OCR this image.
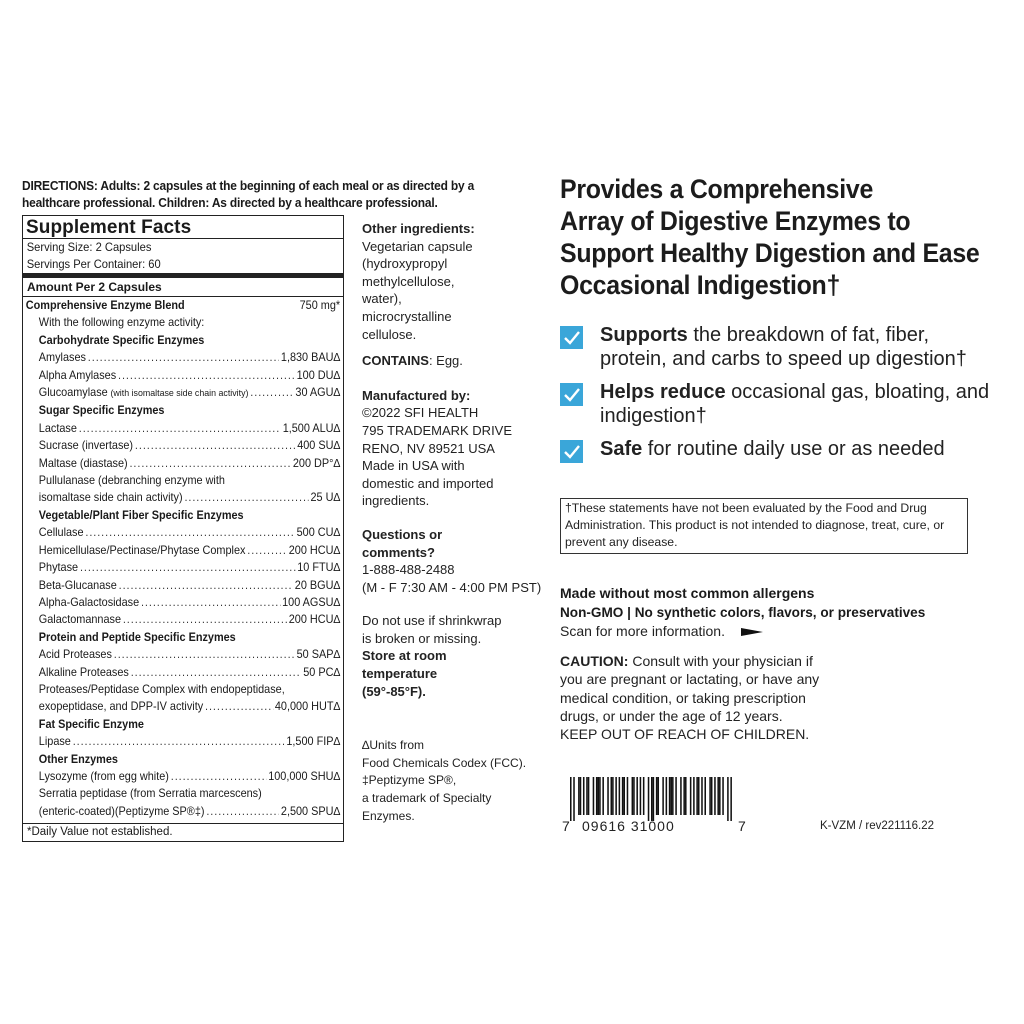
DIRECTIONS: Adults: 2 capsules at the beginning of each meal or as directed by a
healthcare professional. Children: As directed by a healthcare professional.
Supplement Facts
Serving Size: 2 Capsules
Servings Per Container: 60
Amount Per 2 Capsules
Comprehensive Enzyme Blend	750 mg*
With the following enzyme activity:
Carbohydrate Specific Enzymes
Amylases .....	1,830 BAU∆
Alpha Amylases .....	100 DU∆
Glucoamylase (with isomaltase side chain activity) .....	30 AGU∆
Sugar Specific Enzymes
Lactase .....	1,500 ALU∆
Sucrase (invertase) .....	400 SU∆
Maltase (diastase) .....	200 DP°∆
Pullulanase (debranching enzyme with
isomaltase side chain activity) .....	25 U∆
Vegetable/Plant Fiber Specific Enzymes
Cellulase .....	500 CU∆
Hemicellulase/Pectinase/Phytase Complex .....	200 HCU∆
Phytase .....	10 FTU∆
Beta-Glucanase .....	20 BGU∆
Alpha-Galactosidase .....	100 AGSU∆
Galactomannase .....	200 HCU∆
Protein and Peptide Specific Enzymes
Acid Proteases .....	50 SAP∆
Alkaline Proteases .....	50 PC∆
Proteases/Peptidase Complex with endopeptidase,
exopeptidase, and DPP-IV activity .....	40,000 HUT∆
Fat Specific Enzyme
Lipase .....	1,500 FIP∆
Other Enzymes
Lysozyme (from egg white) .....	100,000 SHU∆
Serratia peptidase (from Serratia marcescens)
(enteric-coated)(Peptizyme SP®‡) .....	2,500 SPU∆
*Daily Value not established.

Other ingredients:

Vegetarian capsule
(hydroxypropyl
methylcellulose,
water),
microcrystalline
cellulose.

CONTAINS: Egg.

Manufactured by:

©2022 SFI HEALTH
795 TRADEMARK DRIVE
RENO, NV 89521 USA
Made in USA with
domestic and imported
ingredients.
Questions or
comments?

1-888-488-2488

(M - F 7:30 AM - 4:00 PM PST)

Do not use if shrinkwrap
is broken or missing.
Store at room
temperature
(59°-85°F).
∆Units from
Food Chemicals Codex (FCC).
‡Peptizyme SP®,
a trademark of Specialty
Enzymes.
Provides a Comprehensive
Array of Digestive Enzymes to
Support Healthy Digestion and Ease
Occasional Indigestion†
Supports the breakdown of fat, fiber, protein, and carbs to speed up digestion†
Helps reduce occasional gas, bloating, and indigestion†
Safe for routine daily use or as needed
†These statements have not been evaluated by the Food and Drug Administration. This product is not intended to diagnose, treat, cure, or prevent any disease.
Made without most common allergens
Non-GMO | No synthetic colors, flavors, or preservatives
Scan for more information.
CAUTION: Consult with your physician if you are pregnant or lactating, or have any medical condition, or taking prescription drugs, or under the age of 12 years.
KEEP OUT OF REACH OF CHILDREN.
7 09616 31000	7	K-VZM / rev221116.22
